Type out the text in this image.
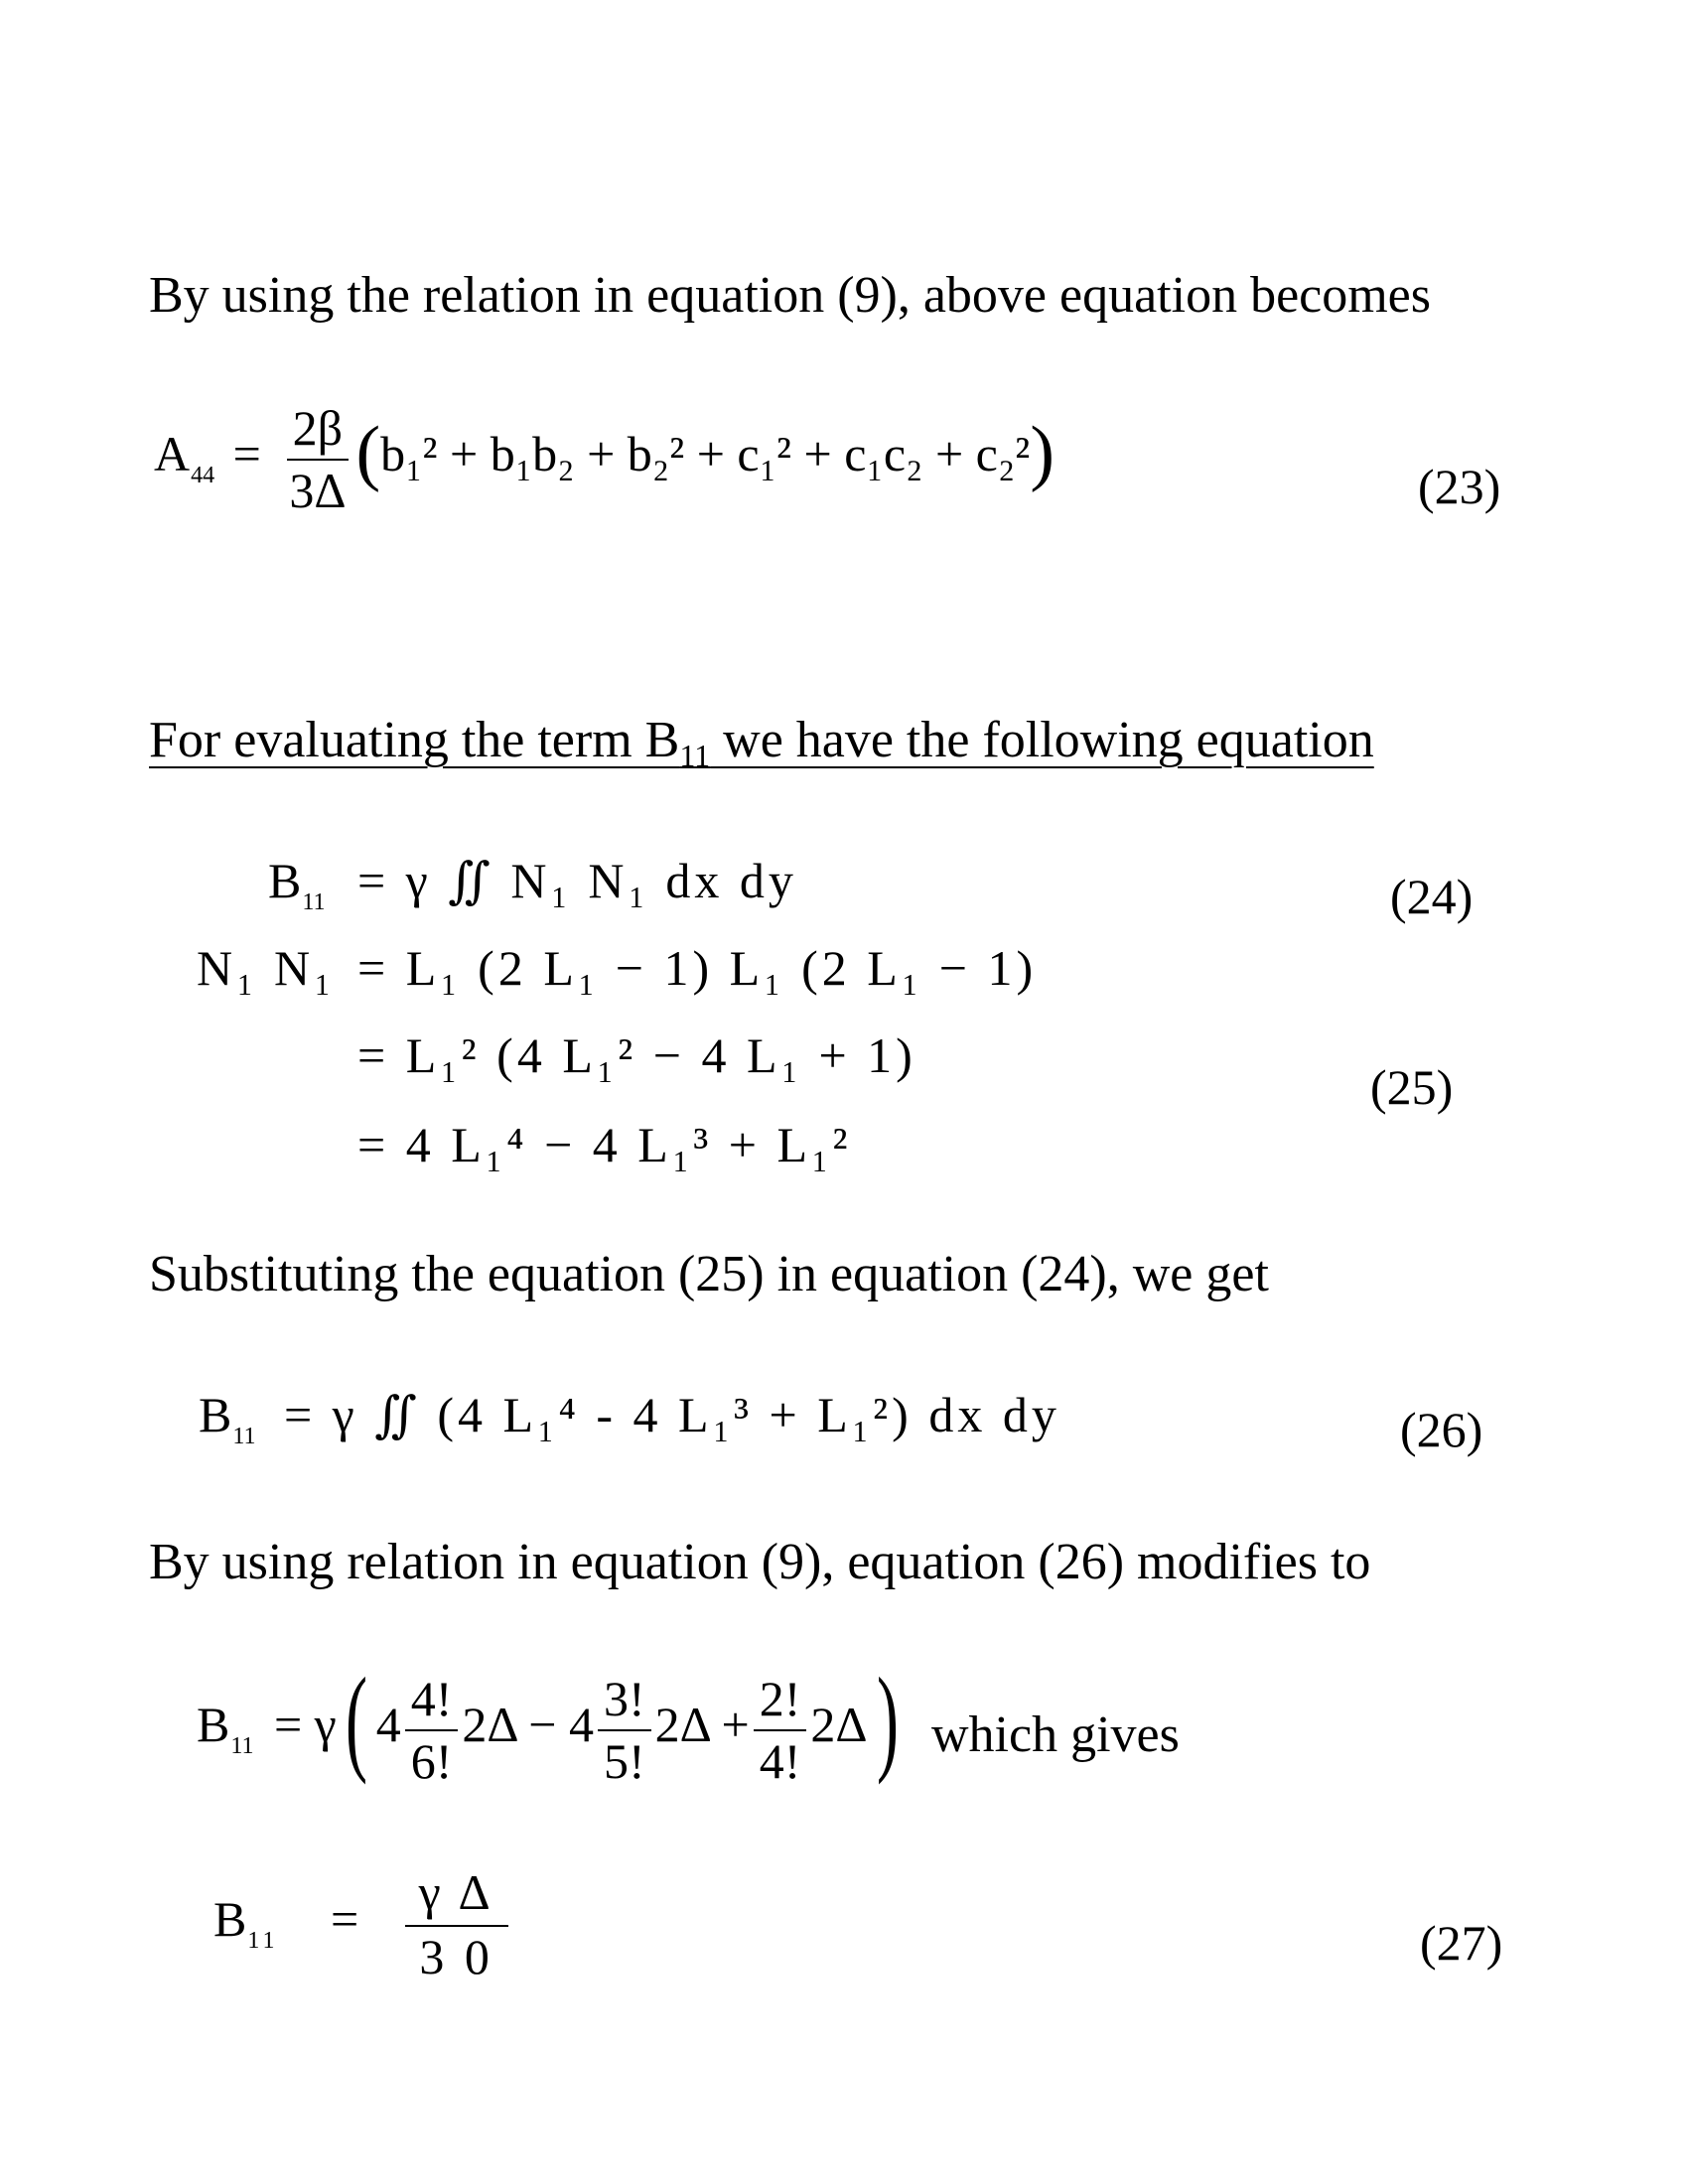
By using the relation in equation (9), above equation becomes
$A_{44} = \frac{2\beta}{3\Delta} (b_1^2 + b_1b_2 + b_2^2 + c_1^2 + c_1c_2 + c_2^2)$	(23)
For evaluating the term B11 we have the following equation
$B_{11} = \gamma$ ∬ N₁ N₁ dx dy	(24)
N₁ N₁ = L₁ (2 L₁ − 1) L₁ (2 L₁ − 1)
= L₁² (4 L₁² − 4 L₁ + 1)
= 4 L₁⁴ − 4 L₁³ + L₁²
(25)
Substituting the equation (25) in equation (24), we get
$B_{11} = \gamma$ ∬ (4 L₁⁴ - 4 L₁³ + L₁²) dx dy	(26)
By using relation in equation (9), equation (26) modifies to
$B_{11} = \gamma$( $4 \frac{4!}{6!} 2\Delta - 4 \frac{3!}{5!} 2\Delta + \frac{2!}{4!} 2\Delta$) which gives
$B_{11} = \frac{\text{γ Δ}}{3 0}$	(27)
